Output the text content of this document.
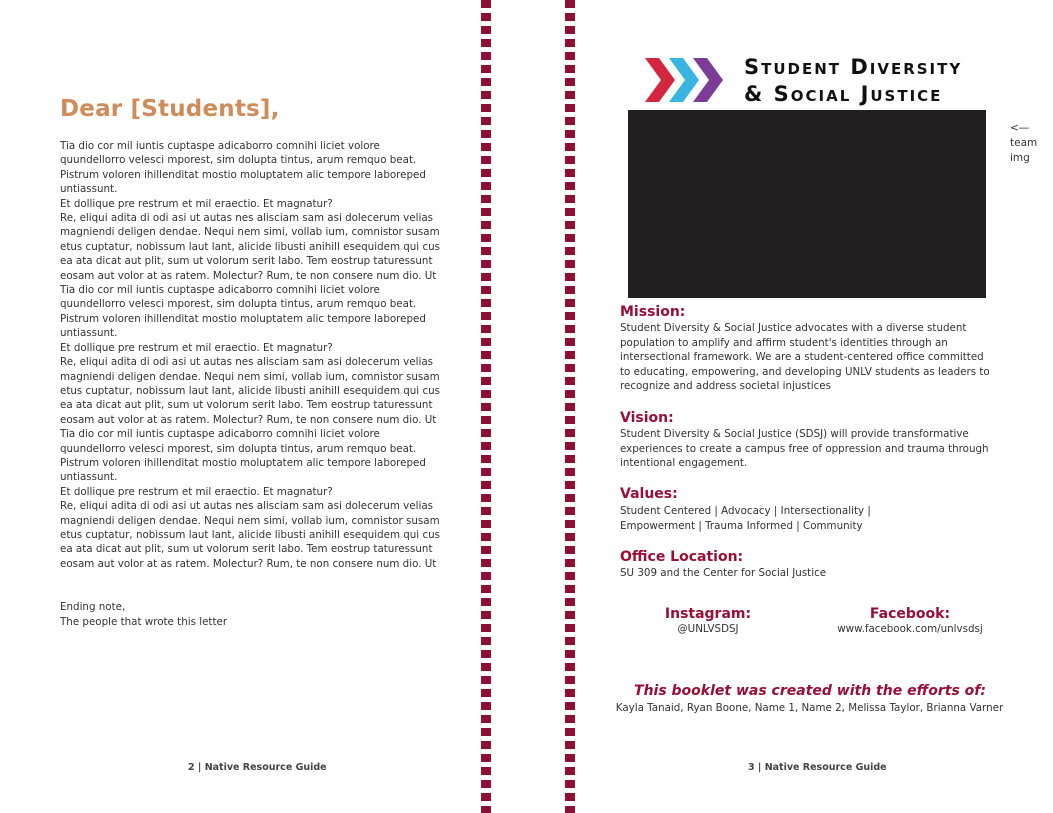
Dear [Students],

Tia dio cor mil iuntis cuptaspe adicaborro comnihi liciet volore quundellorro velesci mporest, sim dolupta tintus, arum remquo beat. Pistrum voloren ihillenditat mostio moluptatem alic tempore laboreped untiassunt.

Et dollique pre restrum et mil eraectio. Et magnatur?

Re, eliqui adita di odi asi ut autas nes alisciam sam asi dolecerum velias magniendi deligen dendae. Nequi nem simi, vollab ium, comnistor susam etus cuptatur, nobissum laut lant, alicide libusti anihill esequidem qui cus ea ata dicat aut plit, sum ut volorum serit labo. Tem eostrup taturessunt eosam aut volor at as ratem. Molectur? Rum, te non consere num dio. Ut

Tia dio cor mil iuntis cuptaspe adicaborro comnihi liciet volore quundellorro velesci mporest, sim dolupta tintus, arum remquo beat. Pistrum voloren ihillenditat mostio moluptatem alic tempore laboreped untiassunt.

Et dollique pre restrum et mil eraectio. Et magnatur?

Re, eliqui adita di odi asi ut autas nes alisciam sam asi dolecerum velias magniendi deligen dendae. Nequi nem simi, vollab ium, comnistor susam etus cuptatur, nobissum laut lant, alicide libusti anihill esequidem qui cus ea ata dicat aut plit, sum ut volorum serit labo. Tem eostrup taturessunt eosam aut volor at as ratem. Molectur? Rum, te non consere num dio. Ut

Tia dio cor mil iuntis cuptaspe adicaborro comnihi liciet volore quundellorro velesci mporest, sim dolupta tintus, arum remquo beat. Pistrum voloren ihillenditat mostio moluptatem alic tempore laboreped untiassunt.

Et dollique pre restrum et mil eraectio. Et magnatur?

Re, eliqui adita di odi asi ut autas nes alisciam sam asi dolecerum velias magniendi deligen dendae. Nequi nem simi, vollab ium, comnistor susam etus cuptatur, nobissum laut lant, alicide libusti anihill esequidem qui cus ea ata dicat aut plit, sum ut volorum serit labo. Tem eostrup taturessunt eosam aut volor at as ratem. Molectur? Rum, te non consere num dio. Ut

Ending note,
The people that wrote this letter
2 | Native Resource Guide
Student Diversity
& Social Justice
<— team img
Mission:
Student Diversity & Social Justice advocates with a diverse student population to amplify and affirm student's identities through an intersectional framework. We are a student-centered office committed to educating, empowering, and developing UNLV students as leaders to recognize and address societal injustices
Vision:
Student Diversity & Social Justice (SDSJ) will provide transformative experiences to create a campus free of oppression and trauma through intentional engagement.
Values:
Student Centered | Advocacy | Intersectionality |
Empowerment | Trauma Informed | Community
Office Location:
SU 309 and the Center for Social Justice
Instagram:
@UNLVSDSJ
Facebook:
www.facebook.com/unlvsdsj
This booklet was created with the efforts of:
Kayla Tanaid, Ryan Boone, Name 1, Name 2, Melissa Taylor, Brianna Varner
3 | Native Resource Guide
